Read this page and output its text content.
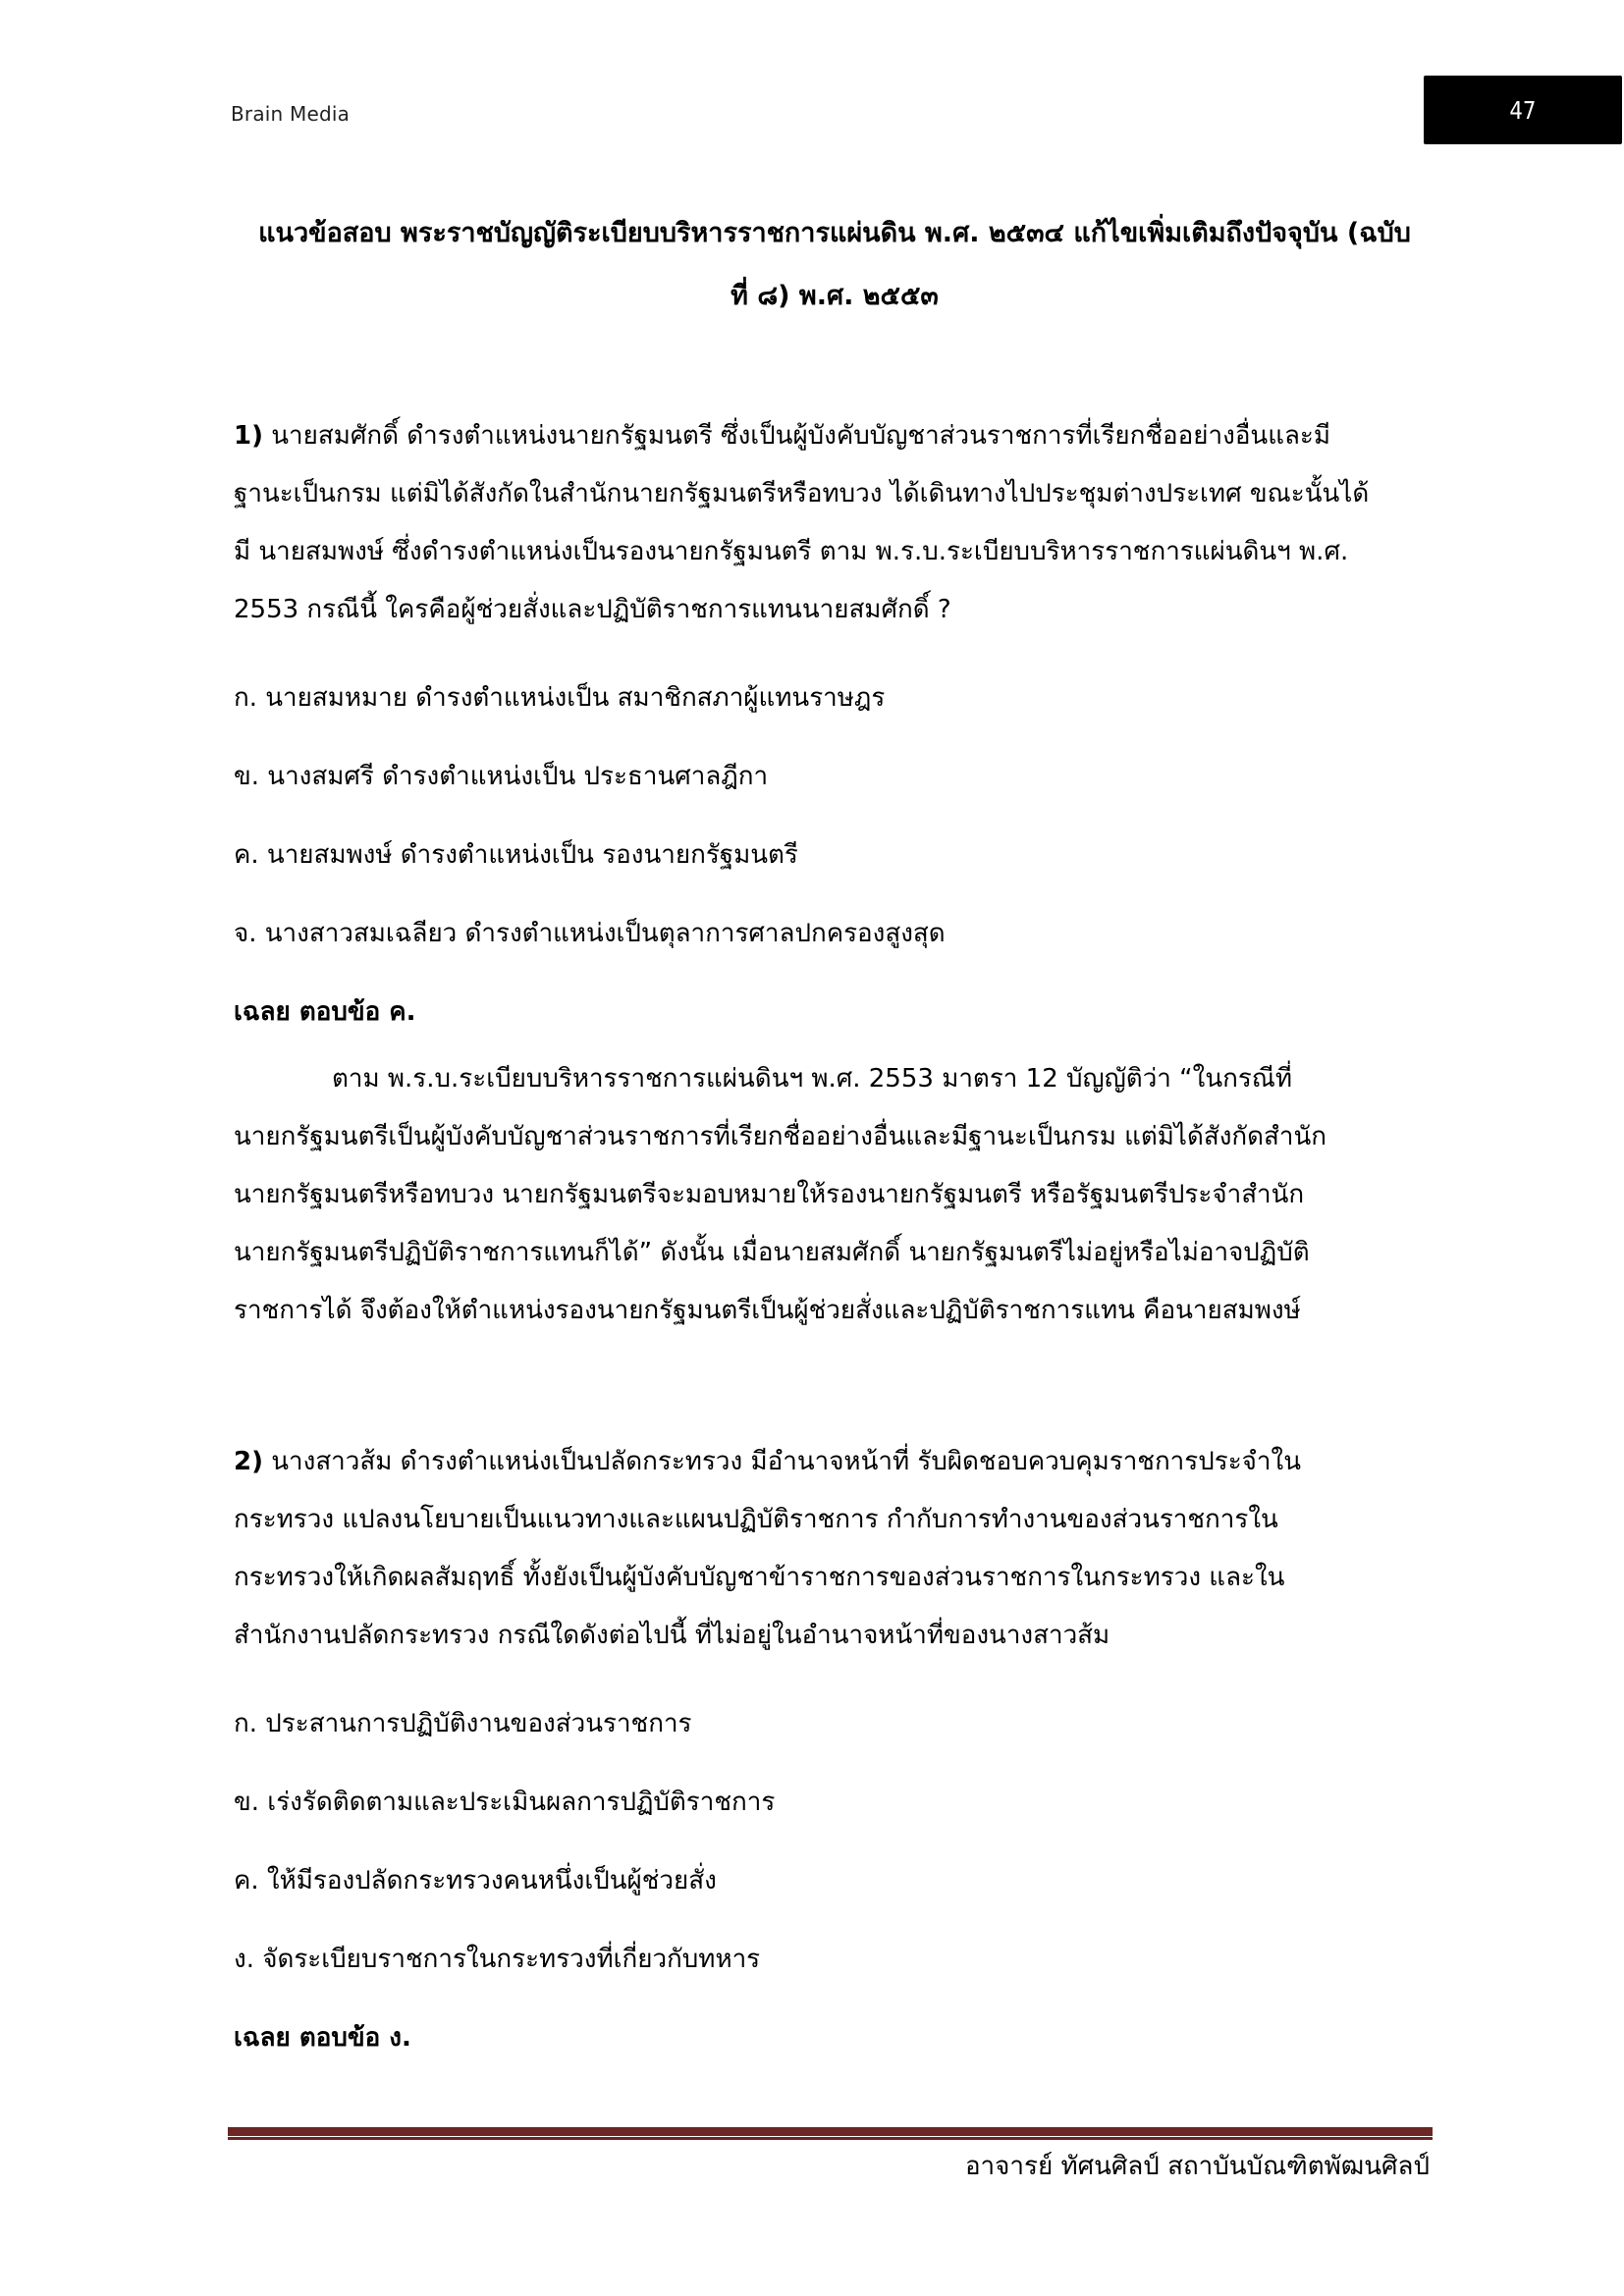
Brain Media	47
แนวข้อสอบ พระราชบัญญัติระเบียบบริหารราชการแผ่นดิน พ.ศ. ๒๕๓๔ แก้ไขเพิ่มเติมถึงปัจจุบัน (ฉบับ
ที่ ๘) พ.ศ. ๒๕๕๓
1) นายสมศักดิ์ ดำรงตำแหน่งนายกรัฐมนตรี ซึ่งเป็นผู้บังคับบัญชาส่วนราชการที่เรียกชื่ออย่างอื่นและมี
ฐานะเป็นกรม แต่มิได้สังกัดในสำนักนายกรัฐมนตรีหรือทบวง ได้เดินทางไปประชุมต่างประเทศ ขณะนั้นได้
มี นายสมพงษ์ ซึ่งดำรงตำแหน่งเป็นรองนายกรัฐมนตรี ตาม พ.ร.บ.ระเบียบบริหารราชการแผ่นดินฯ พ.ศ.
2553 กรณีนี้ ใครคือผู้ช่วยสั่งและปฏิบัติราชการแทนนายสมศักดิ์ ?
ก. นายสมหมาย ดำรงตำแหน่งเป็น สมาชิกสภาผู้แทนราษฎร
ข. นางสมศรี ดำรงตำแหน่งเป็น ประธานศาลฎีกา
ค. นายสมพงษ์ ดำรงตำแหน่งเป็น รองนายกรัฐมนตรี
จ. นางสาวสมเฉลียว ดำรงตำแหน่งเป็นตุลาการศาลปกครองสูงสุด
เฉลย ตอบข้อ ค.
ตาม พ.ร.บ.ระเบียบบริหารราชการแผ่นดินฯ พ.ศ. 2553 มาตรา 12 บัญญัติว่า “ในกรณีที่
นายกรัฐมนตรีเป็นผู้บังคับบัญชาส่วนราชการที่เรียกชื่ออย่างอื่นและมีฐานะเป็นกรม แต่มิได้สังกัดสำนัก
นายกรัฐมนตรีหรือทบวง นายกรัฐมนตรีจะมอบหมายให้รองนายกรัฐมนตรี หรือรัฐมนตรีประจำสำนัก
นายกรัฐมนตรีปฏิบัติราชการแทนก็ได้” ดังนั้น เมื่อนายสมศักดิ์ นายกรัฐมนตรีไม่อยู่หรือไม่อาจปฏิบัติ
ราชการได้ จึงต้องให้ตำแหน่งรองนายกรัฐมนตรีเป็นผู้ช่วยสั่งและปฏิบัติราชการแทน คือนายสมพงษ์
2) นางสาวส้ม ดำรงตำแหน่งเป็นปลัดกระทรวง มีอำนาจหน้าที่ รับผิดชอบควบคุมราชการประจำใน
กระทรวง แปลงนโยบายเป็นแนวทางและแผนปฏิบัติราชการ กำกับการทำงานของส่วนราชการใน
กระทรวงให้เกิดผลสัมฤทธิ์ ทั้งยังเป็นผู้บังคับบัญชาข้าราชการของส่วนราชการในกระทรวง และใน
สำนักงานปลัดกระทรวง กรณีใดดังต่อไปนี้ ที่ไม่อยู่ในอำนาจหน้าที่ของนางสาวส้ม
ก. ประสานการปฏิบัติงานของส่วนราชการ
ข. เร่งรัดติดตามและประเมินผลการปฏิบัติราชการ
ค. ให้มีรองปลัดกระทรวงคนหนึ่งเป็นผู้ช่วยสั่ง
ง. จัดระเบียบราชการในกระทรวงที่เกี่ยวกับทหาร
เฉลย ตอบข้อ ง.
อาจารย์ ทัศนศิลป์ สถาบันบัณฑิตพัฒนศิลป์
